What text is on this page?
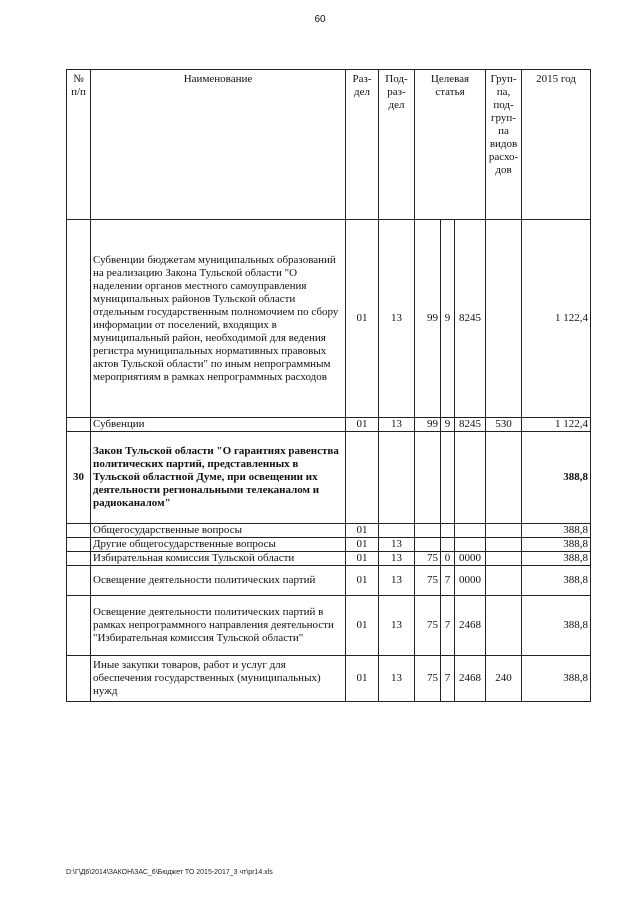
60
№ п/п	Наименование	Раз-дел	Под-раз-дел	Целевая статья			Груп-па, под-груп-па видов расхо-дов	2015 год
	Субвенции бюджетам муниципальных образований на реализацию Закона Тульской области "О наделении органов местного самоуправления муниципальных районов Тульской области отдельным государственным полномочием по сбору информации от поселений, входящих в муниципальный район, необходимой для ведения регистра муниципальных нормативных правовых актов Тульской области" по иным непрограммным мероприятиям в рамках непрограммных расходов	01	13	99	9	8245		1 122,4
	Субвенции	01	13	99	9	8245	530	1 122,4
30	Закон Тульской области "О гарантиях равенства политических партий, представленных в Тульской областной Думе, при освещении их деятельности региональными телеканалом и радиоканалом"							388,8
	Общегосударственные вопросы	01						388,8
	Другие общегосударственные вопросы	01	13					388,8
	Избирательная комиссия Тульской области	01	13	75	0	0000		388,8
	Освещение деятельности политических партий	01	13	75	7	0000		388,8
	Освещение деятельности политических партий в рамках непрограммного направления деятельности "Избирательная комиссия Тульской области"	01	13	75	7	2468		388,8
	Иные закупки товаров, работ и услуг для обеспечения государственных (муниципальных) нужд	01	13	75	7	2468	240	388,8
D:\Г\Д6\2014\ЗАКОН\ЗАС_6\Бюджет ТО 2015-2017_3 чт\pr14.xls
